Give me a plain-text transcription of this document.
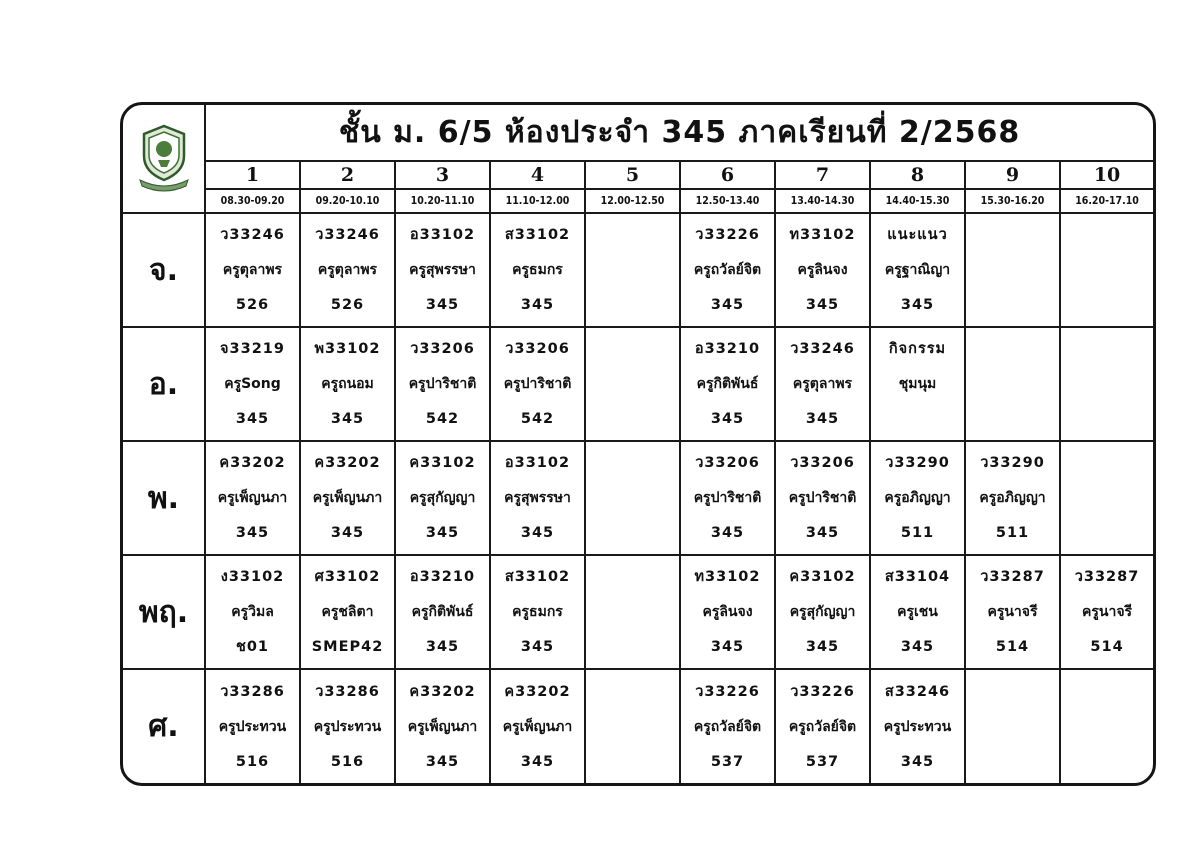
	ชั้น ม. 6/5 ห้องประจำ 345 ภาคเรียนที่ 2/2568									
	1	2	3	4	5	6	7	8	9	10
	08.30-09.20	09.20-10.10	10.20-11.10	11.10-12.00	12.00-12.50	12.50-13.40	13.40-14.30	14.40-15.30	15.30-16.20	16.20-17.10
จ.	ว33246
ครูตุลาพร
526	ว33246
ครูตุลาพร
526	อ33102
ครูสุพรรษา
345	ส33102
ครูธมกร
345		ว33226
ครูถวัลย์จิต
345	ท33102
ครูลินจง
345	แนะแนว
ครูฐาณิญา
345		

อ.	จ33219
ครูSong
345	พ33102
ครูถนอม
345	ว33206
ครูปาริชาติ
542	ว33206
ครูปาริชาติ
542		อ33210
ครูกิติพันธ์
345	ว33246
ครูตุลาพร
345	กิจกรรม
ชุมนุม		

พ.	ค33202
ครูเพ็ญนภา
345	ค33202
ครูเพ็ญนภา
345	ค33102
ครูสุกัญญา
345	อ33102
ครูสุพรรษา
345		ว33206
ครูปาริชาติ
345	ว33206
ครูปาริชาติ
345	ว33290
ครูอภิญญา
511	ว33290
ครูอภิญญา
511	

พฤ.	ง33102
ครูวิมล
ช01	ศ33102
ครูชลิตา
SMEP42	อ33210
ครูกิติพันธ์
345	ส33102
ครูธมกร
345		ท33102
ครูลินจง
345	ค33102
ครูสุกัญญา
345	ส33104
ครูเชน
345	ว33287
ครูนาจรี
514	ว33287
ครูนาจรี
514

ศ.	ว33286
ครูประทวน
516	ว33286
ครูประทวน
516	ค33202
ครูเพ็ญนภา
345	ค33202
ครูเพ็ญนภา
345		ว33226
ครูถวัลย์จิต
537	ว33226
ครูถวัลย์จิต
537	ส33246
ครูประทวน
345		
